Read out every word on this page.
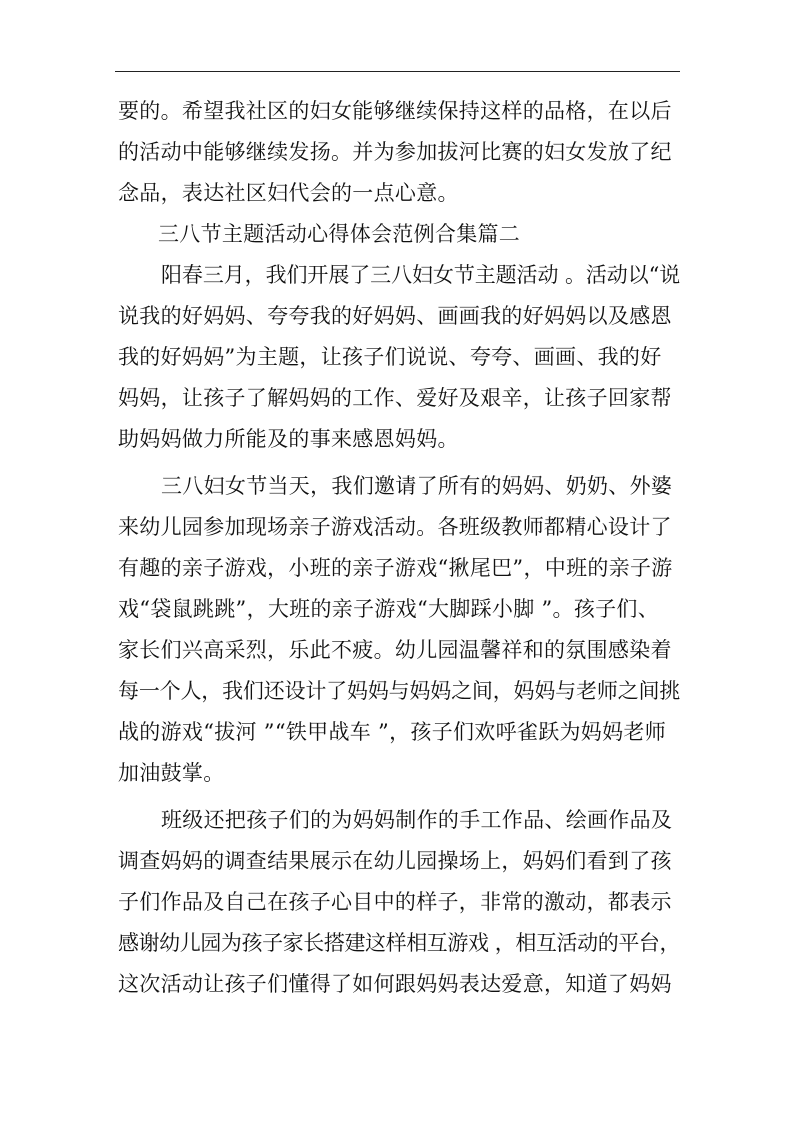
要的。希望我社区的妇女能够继续保持这样的品格，在以后
的活动中能够继续发扬。并为参加拔河比赛的妇女发放了纪
念品，表达社区妇代会的一点心意。
三八节主题活动心得体会范例合集篇二
阳春三月，我们开展了三八妇女节主题活动 。活动以“说
说我的好妈妈、夸夸我的好妈妈、画画我的好妈妈以及感恩
我的好妈妈”为主题，让孩子们说说、夸夸、画画、我的好
妈妈，让孩子了解妈妈的工作、爱好及艰辛，让孩子回家帮
助妈妈做力所能及的事来感恩妈妈。
三八妇女节当天，我们邀请了所有的妈妈、奶奶、外婆
来幼儿园参加现场亲子游戏活动。各班级教师都精心设计了
有趣的亲子游戏，小班的亲子游戏“揪尾巴”，中班的亲子游
戏“袋鼠跳跳”，大班的亲子游戏“大脚踩小脚 ”。孩子们、
家长们兴高采烈，乐此不疲。幼儿园温馨祥和的氛围感染着
每一个人，我们还设计了妈妈与妈妈之间，妈妈与老师之间挑
战的游戏“拔河 ”“铁甲战车 ”，孩子们欢呼雀跃为妈妈老师
加油鼓掌。
班级还把孩子们的为妈妈制作的手工作品、绘画作品及
调查妈妈的调查结果展示在幼儿园操场上，妈妈们看到了孩
子们作品及自己在孩子心目中的样子，非常的激动，都表示
感谢幼儿园为孩子家长搭建这样相互游戏 ，相互活动的平台，
这次活动让孩子们懂得了如何跟妈妈表达爱意，知道了妈妈
